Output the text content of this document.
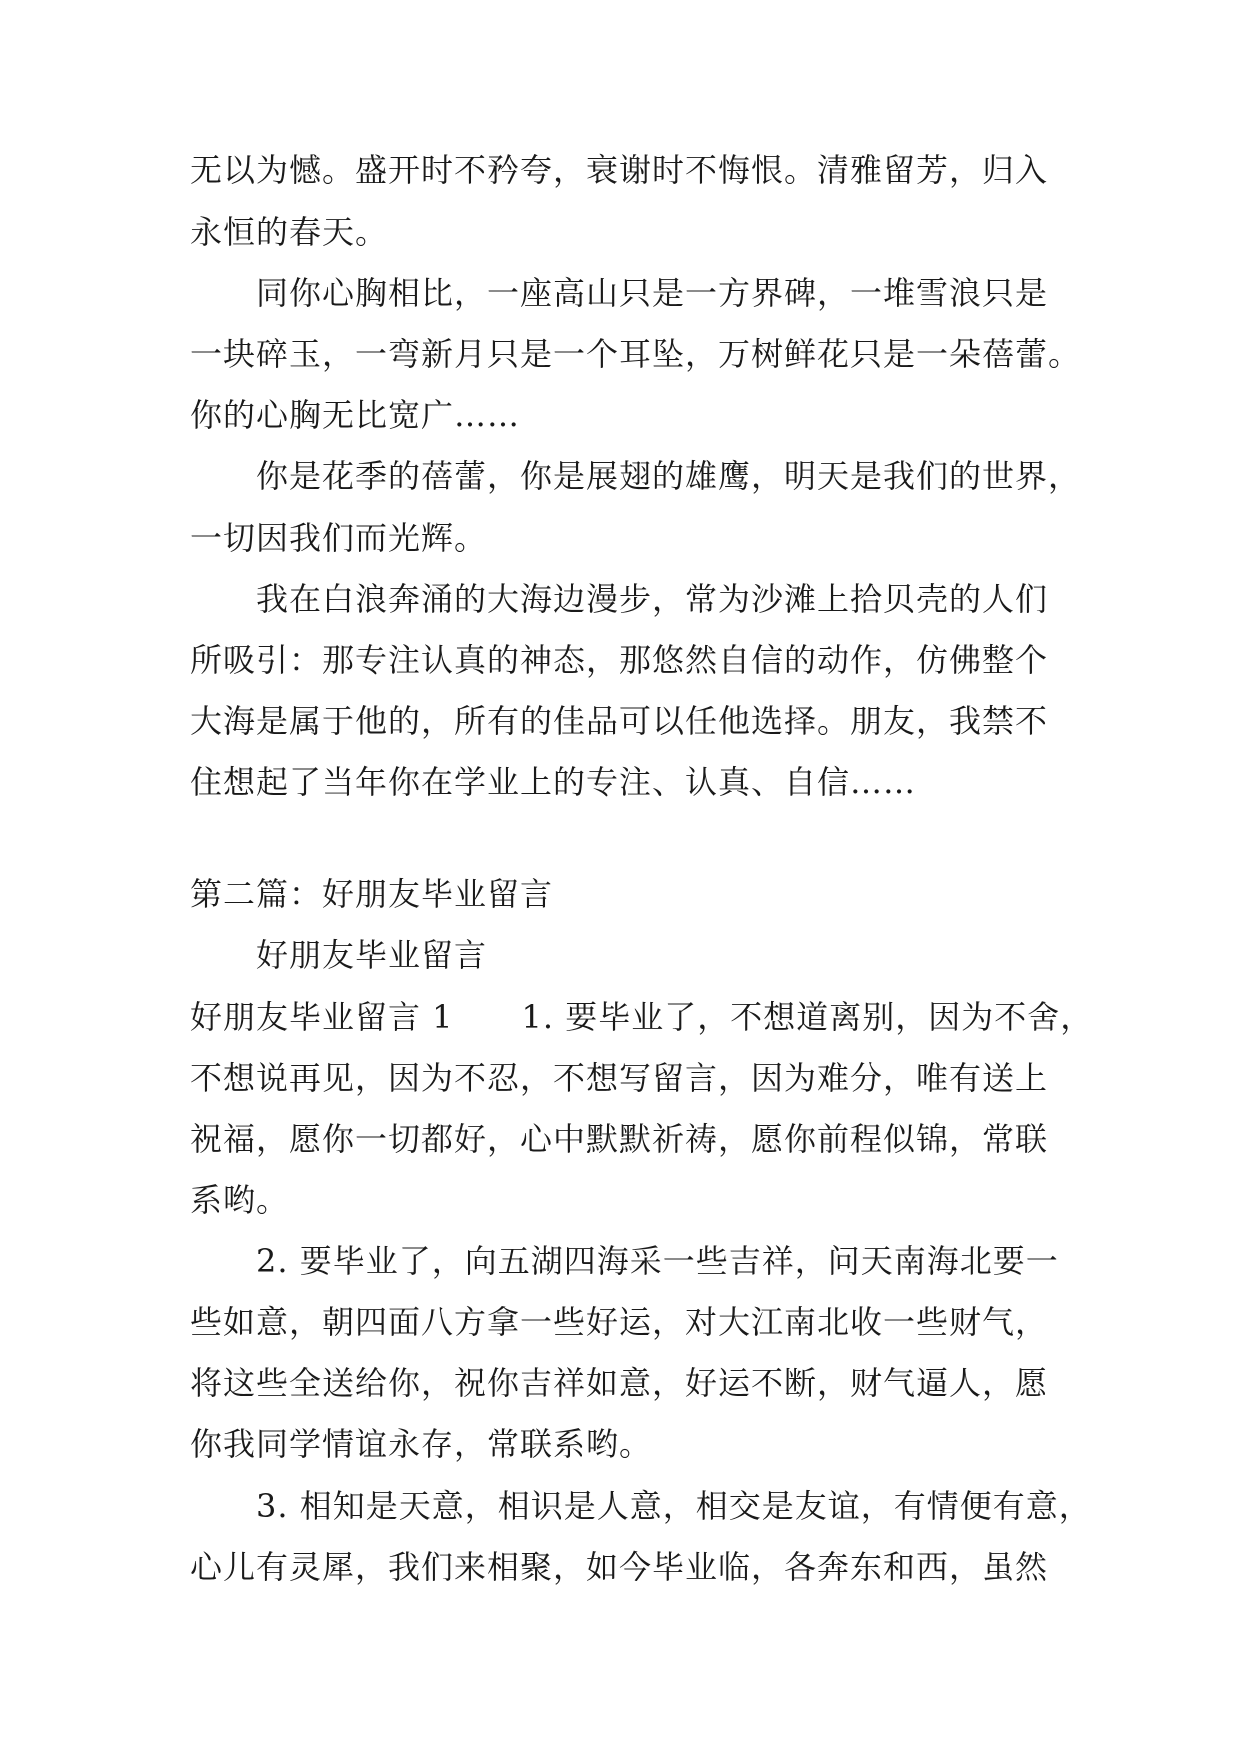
无以为憾。盛开时不矜夸，衰谢时不悔恨。清雅留芳，归入
永恒的春天。
同你心胸相比，一座高山只是一方界碑，一堆雪浪只是
一块碎玉，一弯新月只是一个耳坠，万树鲜花只是一朵蓓蕾。
你的心胸无比宽广……
你是花季的蓓蕾，你是展翅的雄鹰，明天是我们的世界，
一切因我们而光辉。
我在白浪奔涌的大海边漫步，常为沙滩上拾贝壳的人们
所吸引：那专注认真的神态，那悠然自信的动作，仿佛整个
大海是属于他的，所有的佳品可以任他选择。朋友，我禁不
住想起了当年你在学业上的专注、认真、自信……
第二篇：好朋友毕业留言
好朋友毕业留言
好朋友毕业留言 1 1. 要毕业了，不想道离别，因为不舍，
不想说再见，因为不忍，不想写留言，因为难分，唯有送上
祝福，愿你一切都好，心中默默祈祷，愿你前程似锦，常联
系哟。
2. 要毕业了，向五湖四海采一些吉祥，问天南海北要一
些如意，朝四面八方拿一些好运，对大江南北收一些财气，
将这些全送给你，祝你吉祥如意，好运不断，财气逼人，愿
你我同学情谊永存，常联系哟。
3. 相知是天意，相识是人意，相交是友谊，有情便有意，
心儿有灵犀，我们来相聚，如今毕业临，各奔东和西，虽然
